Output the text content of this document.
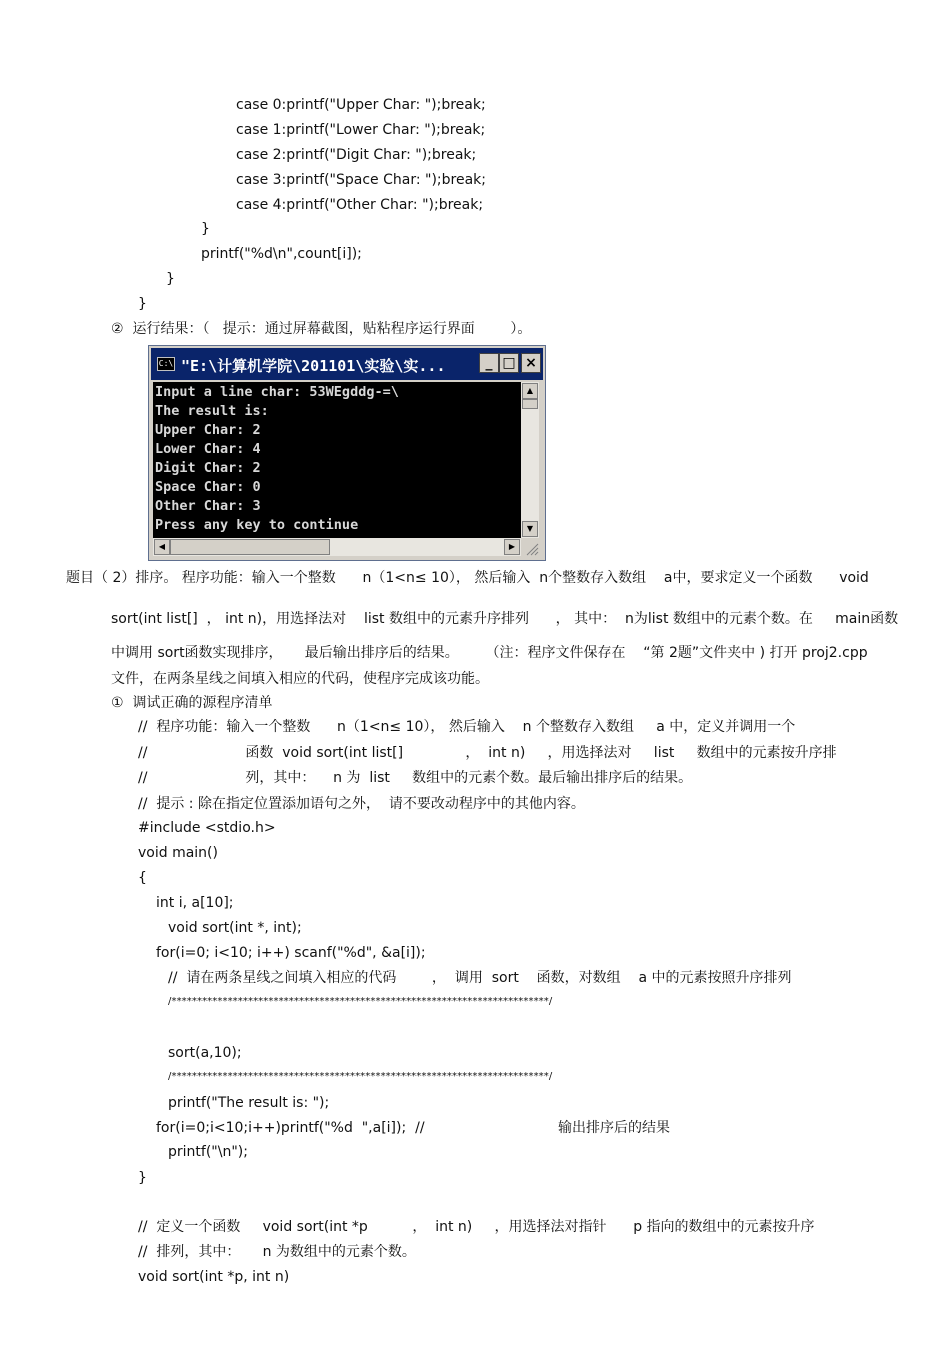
case 0:printf("Upper Char: ");break;
case 1:printf("Lower Char: ");break;
case 2:printf("Digit Char: ");break;
case 3:printf("Space Char: ");break;
case 4:printf("Other Char: ");break;
}
printf("%d\n",count[i]);
}
}
②  运行结果：（   提示：通过屏幕截图，贴粘程序运行界面        ）。
C:\ "E:\计算机学院\201101\实验\实...	_ □ ×
Input a line char: 53WEgddg-=\
The result is:
Upper Char: 2
Lower Char: 4
Digit Char: 2
Space Char: 0
Other Char: 3
Press any key to continue
▲
▼
◀	▶
题目（ 2）排序。 程序功能：输入一个整数      n（1<n≤ 10）， 然后输入  n个整数存入数组    a中，要求定义一个函数      void
sort(int list[]  ， int n)，用选择法对    list 数组中的元素升序排列      ， 其中：  n为list 数组中的元素个数。在     main函数
中调用 sort函数实现排序，     最后输出排序后的结果。      （注：程序文件保存在    “第 2题”文件夹中 ) 打开 proj2.cpp
文件，在两条星线之间填入相应的代码，使程序完成该功能。
①  调试正确的源程序清单
//  程序功能：输入一个整数      n（1<n≤ 10）， 然后输入    n 个整数存入数组     a 中，定义并调用一个
//                      函数  void sort(int list[]              ，  int n)     ，用选择法对     list     数组中的元素按升序排
//                      列，其中：    n 为  list     数组中的元素个数。最后输出排序后的结果。
//  提示 : 除在指定位置添加语句之外，  请不要改动程序中的其他内容。
#include <stdio.h>
void main()
{
int i, a[10];
void sort(int *, int);
for(i=0; i<10; i++) scanf("%d", &a[i]);
//  请在两条星线之间填入相应的代码        ，  调用  sort    函数，对数组    a 中的元素按照升序排列
/**************************************************************************/
sort(a,10);
/**************************************************************************/
printf("The result is: ");
for(i=0;i<10;i++)printf("%d  ",a[i]);  //                              输出排序后的结果
printf("\n");
}
//  定义一个函数     void sort(int *p          ，  int n)     ，用选择法对指针      p 指向的数组中的元素按升序
//  排列，其中：     n 为数组中的元素个数。
void sort(int *p, int n)
